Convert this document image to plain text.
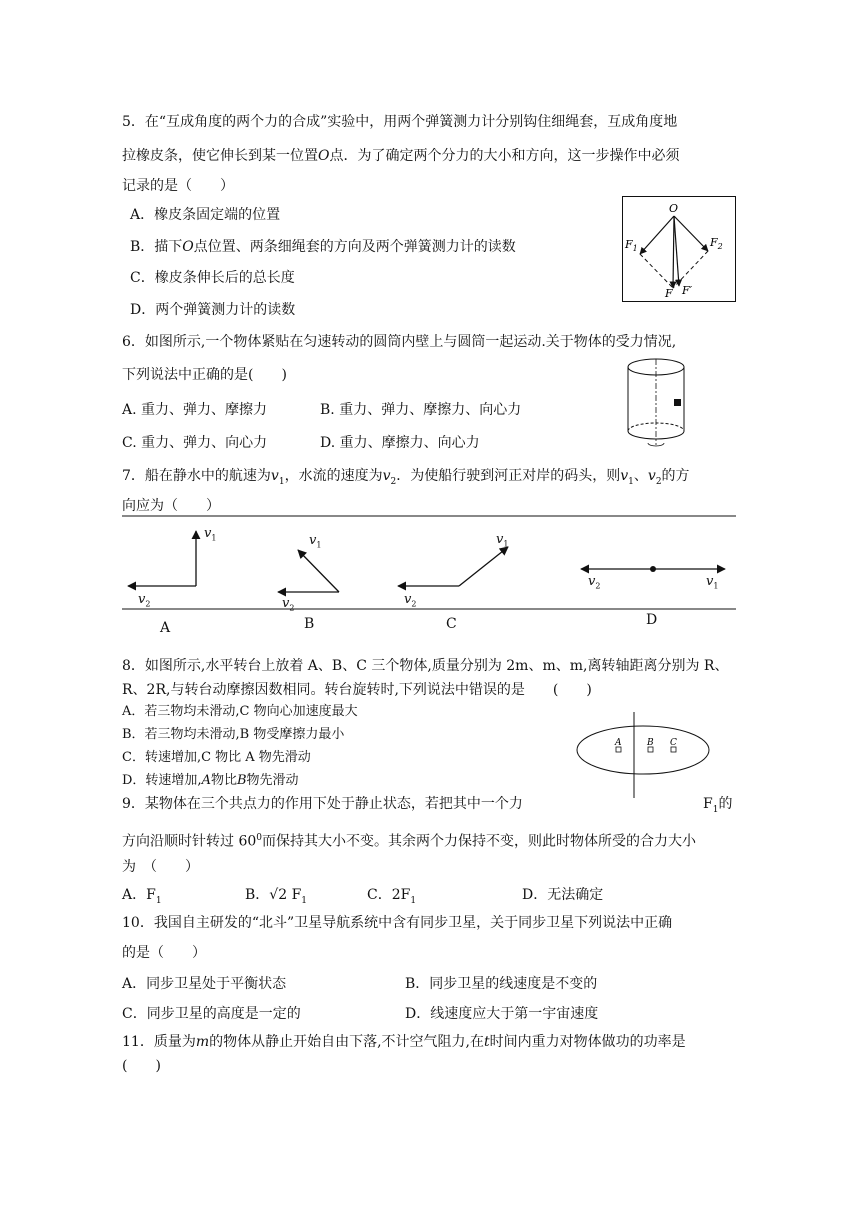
5．在“互成角度的两个力的合成”实验中，用两个弹簧测力计分别钩住细绳套，互成角度地
拉橡皮条，使它伸长到某一位置O点．为了确定两个分力的大小和方向，这一步操作中必须
记录的是（　　）
A．橡皮条固定端的位置
B．描下O点位置、两条细绳套的方向及两个弹簧测力计的读数
C．橡皮条伸长后的总长度
D．两个弹簧测力计的读数
O
$F_1$	$F_2$
F F′
6．如图所示,一个物体紧贴在匀速转动的圆筒内壁上与圆筒一起运动.关于物体的受力情况,
下列说法中正确的是(　　)
A. 重力、弹力、摩擦力	B. 重力、弹力、摩擦力、向心力
C. 重力、弹力、向心力	D. 重力、摩擦力、向心力
7．船在静水中的航速为$v_1$，水流的速度为$v_2$．为使船行驶到河正对岸的码头，则$v_1$、$v_2$的方
向应为（　　）
$v_1$
$v_2$
$v_1$
$v_2$
$v_1$
$v_2$
$v_1$
$v_2$
A	B	C	D
8．如图所示,水平转台上放着 A、B、C 三个物体,质量分别为 2m、m、m,离转轴距离分别为 R、
R、2R,与转台动摩擦因数相同。转台旋转时,下列说法中错误的是　　(　　)
A．若三物均未滑动,C 物向心加速度最大
B．若三物均未滑动,B 物受摩擦力最小
C．转速增加,C 物比 A 物先滑动
D．转速增加,A物比B物先滑动
A	B C
9．某物体在三个共点力的作用下处于静止状态，若把其中一个力	$F_1$的
方向沿顺时针转过 $60^0$而保持其大小不变。其余两个力保持不变，则此时物体所受的合力大小
为　（　　）
A．$F_1$	B．√2 $F_1$	C．$2F_1$	D．无法确定
10．我国自主研发的“北斗”卫星导航系统中含有同步卫星，关于同步卫星下列说法中正确
的是（　　）
A．同步卫星处于平衡状态	B．同步卫星的线速度是不变的
C．同步卫星的高度是一定的	D．线速度应大于第一宇宙速度
11．质量为m的物体从静止开始自由下落,不计空气阻力,在t时间内重力对物体做功的功率是
(　　)
